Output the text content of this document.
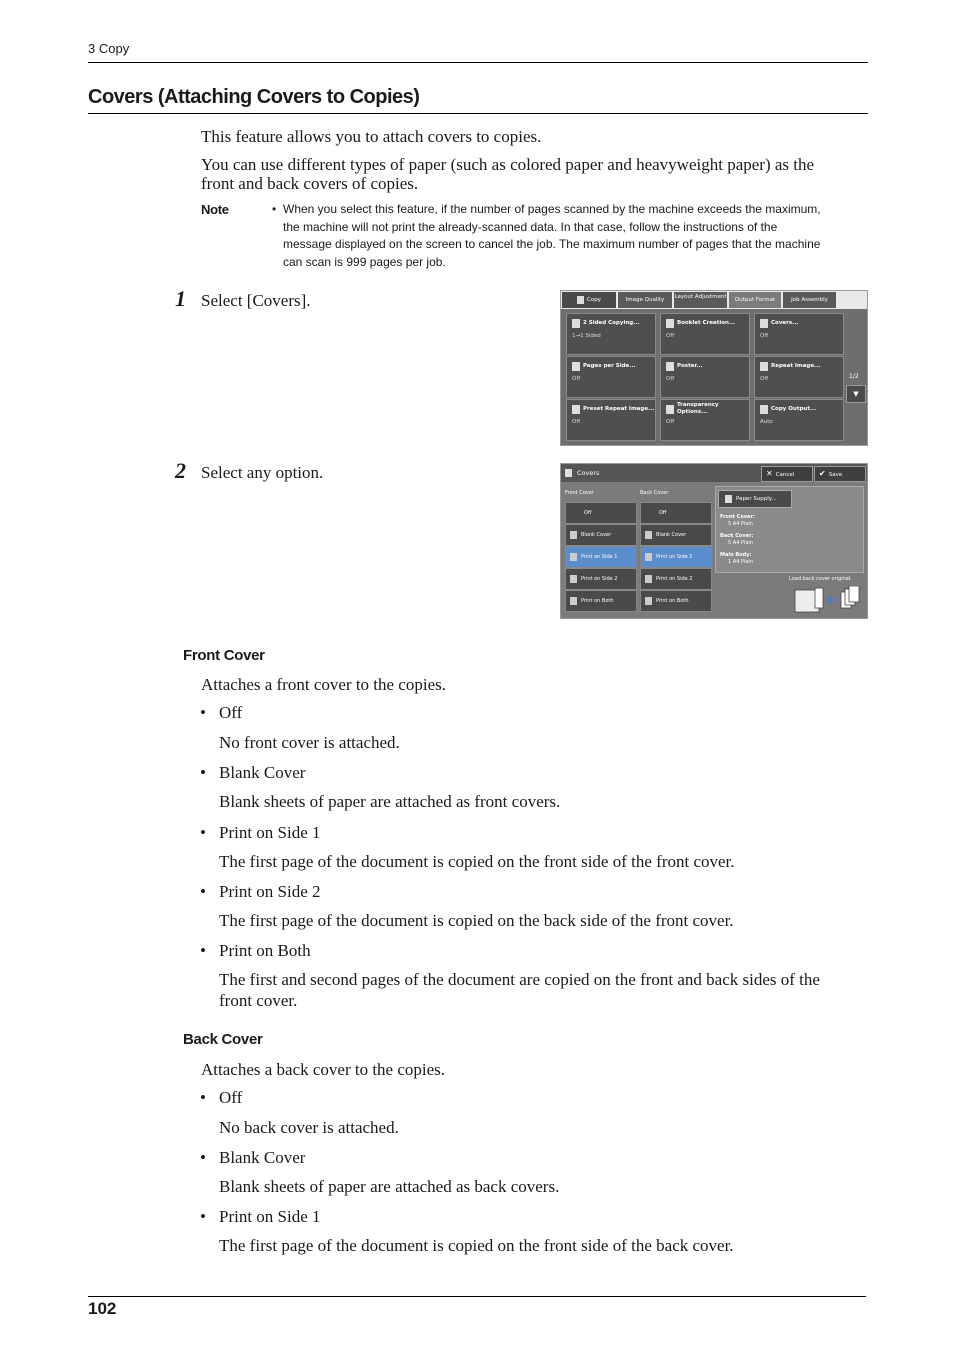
3 Copy
Covers (Attaching Covers to Copies)
This feature allows you to attach covers to copies.
You can use different types of paper (such as colored paper and heavyweight paper) as the
front and back covers of copies.
Note	• When you select this feature, if the number of pages scanned by the machine exceeds the maximum,
the machine will not print the already-scanned data. In that case, follow the instructions of the
message displayed on the screen to cancel the job. The maximum number of pages that the machine
can scan is 999 pages per job.
1 Select [Covers].	Copy	Image Quality	Layout Adjustment	Output Format	Job Assembly
2 Sided Copying...
1→1 Sided
Booklet Creation...
Off
Covers...
Off
Pages per Side...
Off
Poster...
Off
Repeat Image...
Off
Preset Repeat Image...
Off
Transparency Options...
Off
Copy Output...
Auto
1/2
▼
2 Select any option.	Covers	✕ Cancel	✔ Save
Front Cover	Back Cover
Off
Blank Cover
Print on Side 1
Print on Side 2
Print on Both
Off
Blank Cover
Print on Side 1
Print on Side 2
Print on Both
Paper Supply...
Front Cover:
5 A4 Plain
Back Cover:
5 A4 Plain
Main Body:
1 A4 Plain
Load back cover original.
Front Cover
Attaches a front cover to the copies.
• Off
No front cover is attached.
• Blank Cover
Blank sheets of paper are attached as front covers.
• Print on Side 1
The first page of the document is copied on the front side of the front cover.
• Print on Side 2
The first page of the document is copied on the back side of the front cover.
• Print on Both
The first and second pages of the document are copied on the front and back sides of the
front cover.
Back Cover
Attaches a back cover to the copies.
• Off
No back cover is attached.
• Blank Cover
Blank sheets of paper are attached as back covers.
• Print on Side 1
The first page of the document is copied on the front side of the back cover.
102
